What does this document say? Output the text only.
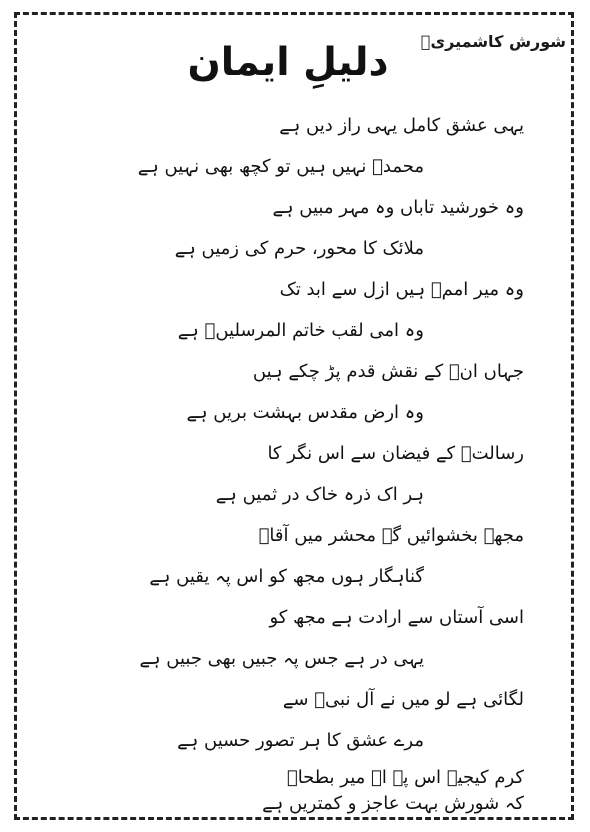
شورش کاشمیریؒ
دلیلِ ایمان
یہی عشق کامل یہی راز دیں ہے
محمدؐ نہیں ہیں تو کچھ بھی نہیں ہے
وہ خورشید تاباں وہ مہر مبیں ہے
ملائک کا محور، حرم کی زمیں ہے
وہ میر اممؐ ہیں ازل سے ابد تک
وہ امی لقب خاتم المرسلیںؐ ہے
جہاں انؐ کے نقش قدم پڑ چکے ہیں
وہ ارض مقدس بہشت بریں ہے
رسالتؐ کے فیضان سے اس نگر کا
ہر اک ذرہ خاک در ثمیں ہے
مجھے بخشوائیں گے محشر میں آقاؐ
گناہگار ہوں مجھ کو اس پہ یقیں ہے
اسی آستاں سے ارادت ہے مجھ کو
یہی در ہے جس پہ جبیں بھی جبیں ہے
لگائی ہے لو میں نے آل نبیؐ سے
مرے عشق کا ہر تصور حسیں ہے
کرم کیجیے اس پہ اے میر بطحاؐ
کہ شورش بہت عاجز و کمتریں ہے
